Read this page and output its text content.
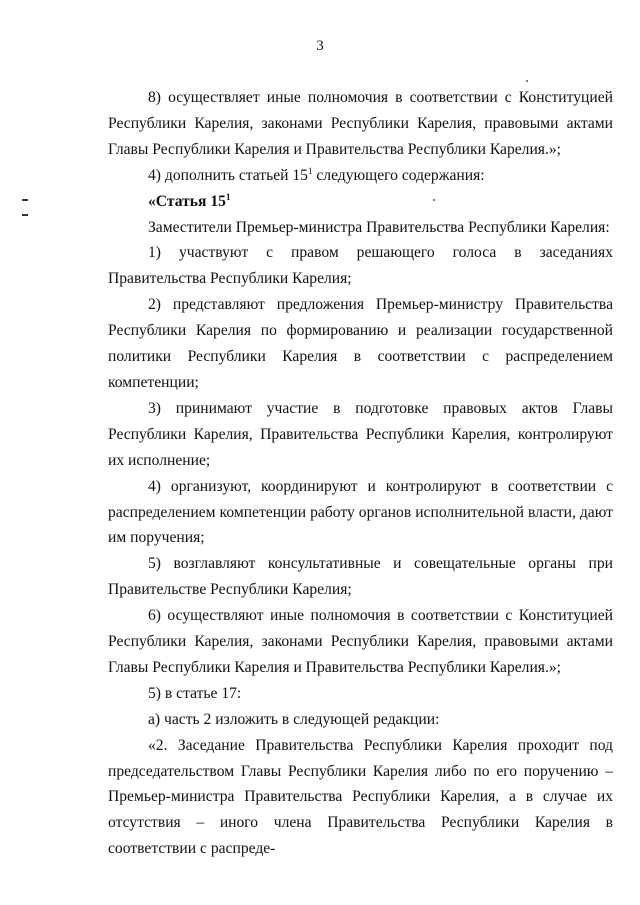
3

8) осуществляет иные полномочия в соответствии с Конституцией Республики Карелия, законами Республики Карелия, правовыми актами Главы Республики Карелия и Правительства Республики Карелия.»;

4) дополнить статьей $15^1$ следующего содержания:

«Статья $15^1$

Заместители Премьер-министра Правительства Республики Карелия:

1) участвуют с правом решающего голоса в заседаниях Правительства Республики Карелия;

2) представляют предложения Премьер-министру Правительства Республики Карелия по формированию и реализации государственной политики Республики Карелия в соответствии с распределением компетенции;

3) принимают участие в подготовке правовых актов Главы Республики Карелия, Правительства Республики Карелия, контролируют их исполнение;

4) организуют, координируют и контролируют в соответствии с распределением компетенции работу органов исполнительной власти, дают им поручения;

5) возглавляют консультативные и совещательные органы при Правительстве Республики Карелия;

6) осуществляют иные полномочия в соответствии с Конституцией Республики Карелия, законами Республики Карелия, правовыми актами Главы Республики Карелия и Правительства Республики Карелия.»;

5) в статье 17:

а) часть 2 изложить в следующей редакции:

«2. Заседание Правительства Республики Карелия проходит под председательством Главы Республики Карелия либо по его поручению – Премьер-министра Правительства Республики Карелия, а в случае их отсутствия – иного члена Правительства Республики Карелия в соответствии с распреде-
